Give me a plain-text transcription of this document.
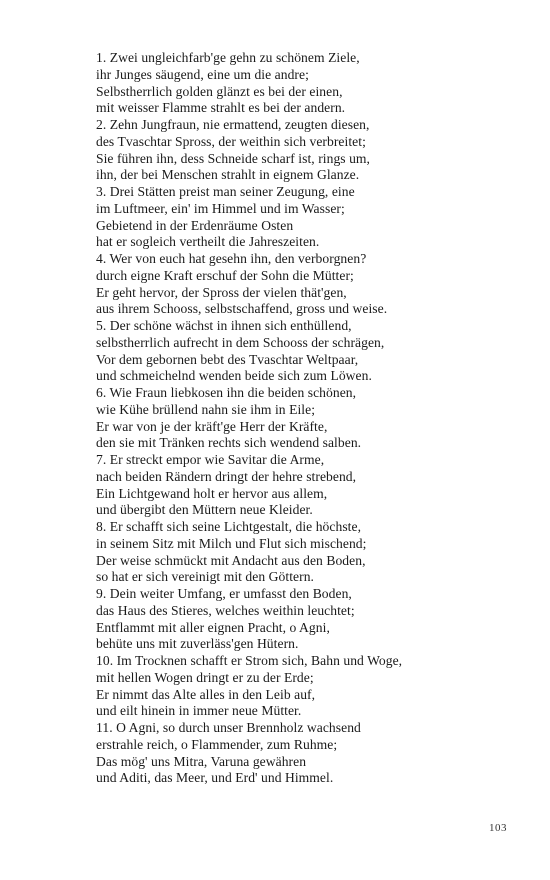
1. Zwei ungleichfarb'ge gehn zu schönem Ziele,
ihr Junges säugend, eine um die andre;
Selbstherrlich golden glänzt es bei der einen,
mit weisser Flamme strahlt es bei der andern.
2. Zehn Jungfraun, nie ermattend, zeugten diesen,
des Tvaschtar Spross, der weithin sich verbreitet;
Sie führen ihn, dess Schneide scharf ist, rings um,
ihn, der bei Menschen strahlt in eignem Glanze.
3. Drei Stätten preist man seiner Zeugung, eine
im Luftmeer, ein' im Himmel und im Wasser;
Gebietend in der Erdenräume Osten
hat er sogleich vertheilt die Jahreszeiten.
4. Wer von euch hat gesehn ihn, den verborgnen?
durch eigne Kraft erschuf der Sohn die Mütter;
Er geht hervor, der Spross der vielen thät'gen,
aus ihrem Schooss, selbstschaffend, gross und weise.
5. Der schöne wächst in ihnen sich enthüllend,
selbstherrlich aufrecht in dem Schooss der schrägen,
Vor dem gebornen bebt des Tvaschtar Weltpaar,
und schmeichelnd wenden beide sich zum Löwen.
6. Wie Fraun liebkosen ihn die beiden schönen,
wie Kühe brüllend nahn sie ihm in Eile;
Er war von je der kräft'ge Herr der Kräfte,
den sie mit Tränken rechts sich wendend salben.
7. Er streckt empor wie Savitar die Arme,
nach beiden Rändern dringt der hehre strebend,
Ein Lichtgewand holt er hervor aus allem,
und übergibt den Müttern neue Kleider.
8. Er schafft sich seine Lichtgestalt, die höchste,
in seinem Sitz mit Milch und Flut sich mischend;
Der weise schmückt mit Andacht aus den Boden,
so hat er sich vereinigt mit den Göttern.
9. Dein weiter Umfang, er umfasst den Boden,
das Haus des Stieres, welches weithin leuchtet;
Entflammt mit aller eignen Pracht, o Agni,
behüte uns mit zuverläss'gen Hütern.
10. Im Trocknen schafft er Strom sich, Bahn und Woge,
mit hellen Wogen dringt er zu der Erde;
Er nimmt das Alte alles in den Leib auf,
und eilt hinein in immer neue Mütter.
11. O Agni, so durch unser Brennholz wachsend
erstrahle reich, o Flammender, zum Ruhme;
Das mög' uns Mitra, Varuna gewähren
und Aditi, das Meer, und Erd' und Himmel.
103
